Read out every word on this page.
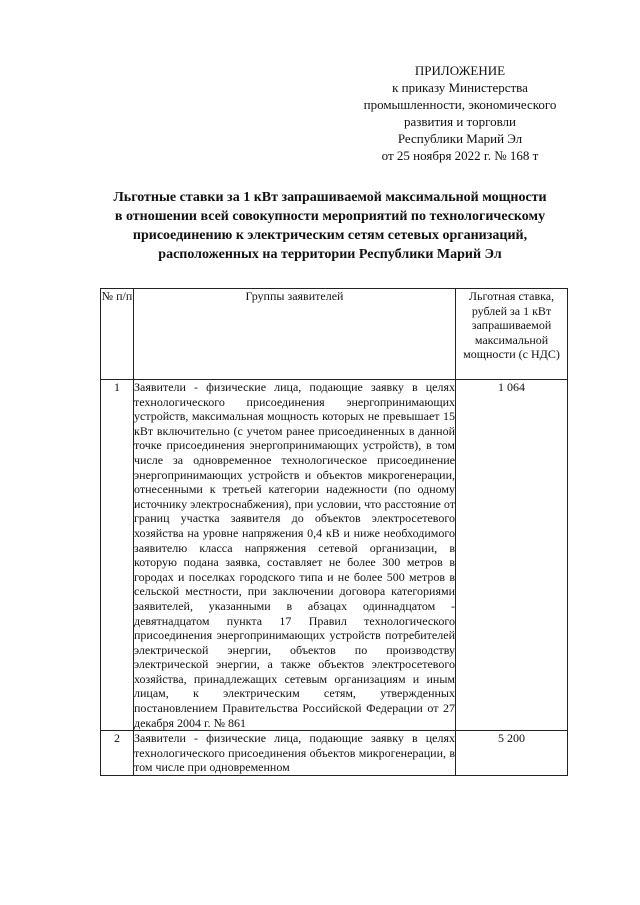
ПРИЛОЖЕНИЕ
к приказу Министерства
промышленности, экономического
развития и торговли
Республики Марий Эл
от 25 ноября 2022 г. № 168 т
Льготные ставки за 1 кВт запрашиваемой максимальной мощности
в отношении всей совокупности мероприятий по технологическому
присоединению к электрическим сетям сетевых организаций,
расположенных на территории Республики Марий Эл
№ п/п	Группы заявителей	Льготная ставка, рублей за 1 кВт запрашиваемой максимальной мощности (с НДС)
1	Заявители - физические лица, подающие заявку в целях технологического присоединения энергопринимающих устройств, максимальная мощность которых не превышает 15 кВт включительно (с учетом ранее присоединенных в данной точке присоединения энергопринимающих устройств), в том числе за одновременное технологическое присоединение энергопринимающих устройств и объектов микрогенерации, отнесенными к третьей категории надежности (по одному источнику электроснабжения), при условии, что расстояние от границ участка заявителя до объектов электросетевого хозяйства на уровне напряжения 0,4 кВ и ниже необходимого заявителю класса напряжения сетевой организации, в которую подана заявка, составляет не более 300 метров в городах и поселках городского типа и не более 500 метров в сельской местности, при заключении договора категориями заявителей, указанными в абзацах одиннадцатом - девятнадцатом пункта 17 Правил технологического присоединения энергопринимающих устройств потребителей электрической энергии, объектов по производству электрической энергии, а также объектов электросетевого хозяйства, принадлежащих сетевым организациям и иным лицам, к электрическим сетям, утвержденных постановлением Правительства Российской Федерации от 27 декабря 2004 г. № 861	1 064
2	Заявители - физические лица, подающие заявку в целях технологического присоединения объектов микрогенерации, в том числе при одновременном	5 200
